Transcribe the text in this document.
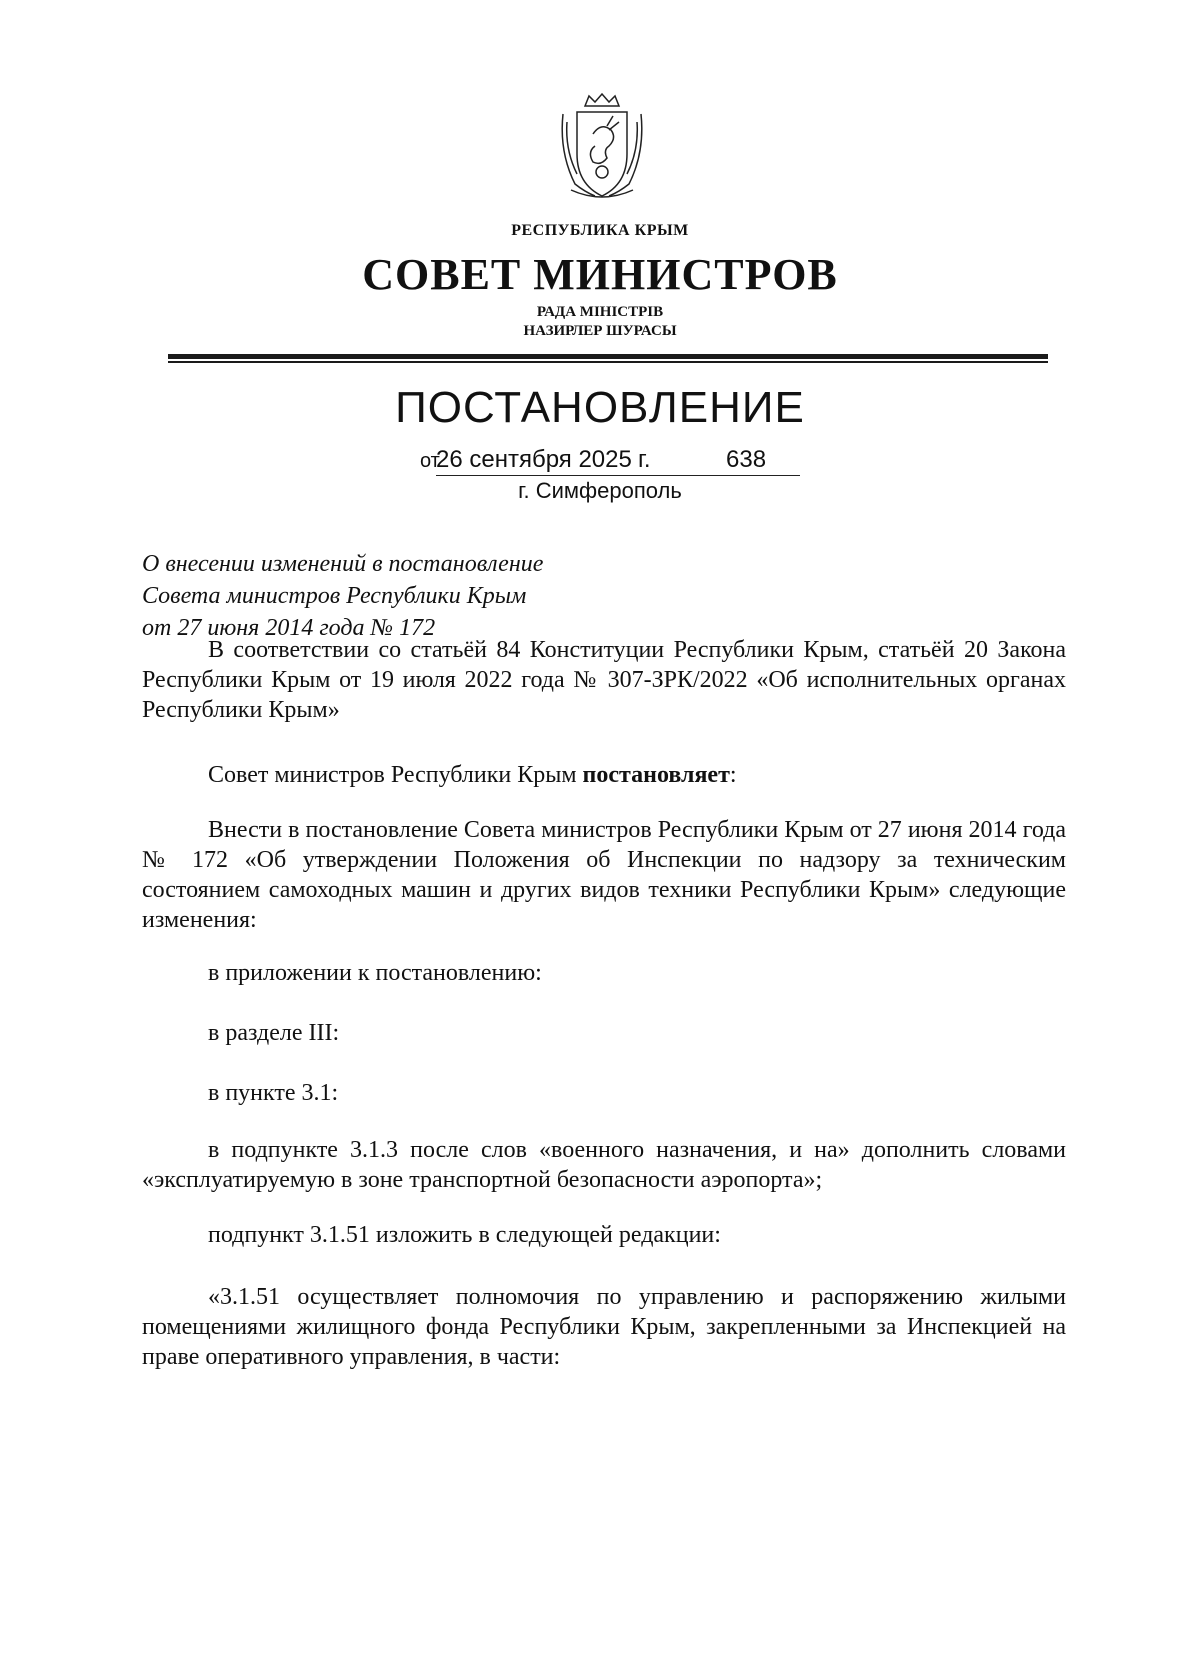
РЕСПУБЛИКА КРЫМ
СОВЕТ МИНИСТРОВ
РАДА МІНІСТРІВ
НАЗИРЛЕР ШУРАСЫ
ПОСТАНОВЛЕНИЕ
от
26 сентября 2025 г.	638
г. Симферополь
О внесении изменений в постановление
Совета министров Республики Крым
от 27 июня 2014 года № 172
В соответствии со статьёй 84 Конституции Республики Крым, статьёй 20 Закона Республики Крым от 19 июля 2022 года № 307-ЗРК/2022 «Об исполнительных органах Республики Крым»
Совет министров Республики Крым постановляет:
Внести в постановление Совета министров Республики Крым от 27 июня 2014 года № 172 «Об утверждении Положения об Инспекции по надзору за техническим состоянием самоходных машин и других видов техники Республики Крым» следующие изменения:
в приложении к постановлению:
в разделе III:
в пункте 3.1:
в подпункте 3.1.3 после слов «военного назначения, и на» дополнить словами «эксплуатируемую в зоне транспортной безопасности аэропорта»;
подпункт 3.1.51 изложить в следующей редакции:
«3.1.51 осуществляет полномочия по управлению и распоряжению жилыми помещениями жилищного фонда Республики Крым, закрепленными за Инспекцией на праве оперативного управления, в части:
